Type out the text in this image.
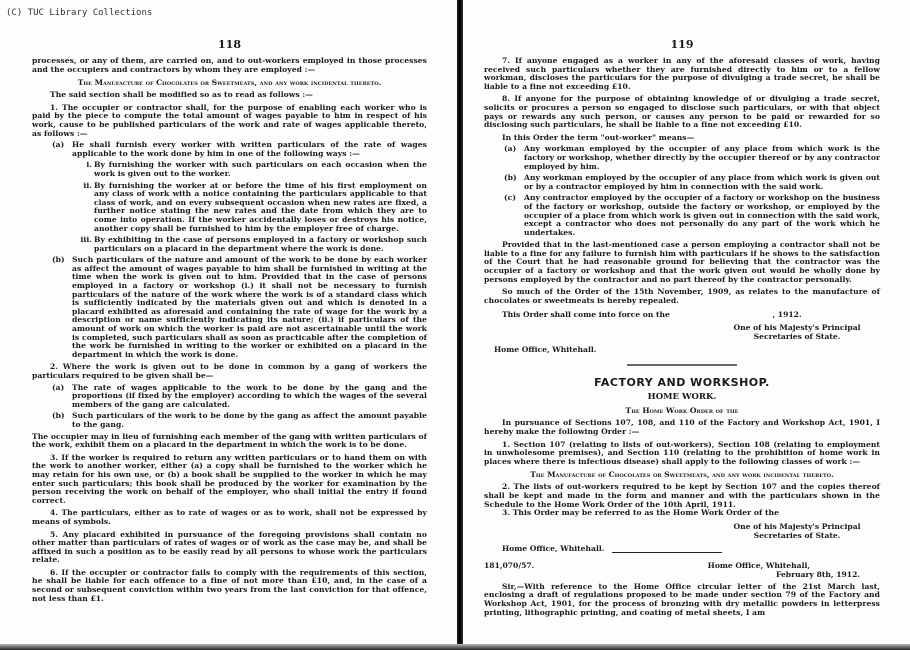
(C) TUC Library Collections
118

processes, or any of them, are carried on, and to out-workers employed in those processes and the occupiers and contractors by whom they are employed :—

The Manufacture of Chocolates or Sweetmeats, and any work incidental thereto.

The said section shall be modified so as to read as follows :—

1. The occupier or contractor shall, for the purpose of enabling each worker who is paid by the piece to compute the total amount of wages payable to him in respect of his work, cause to be published particulars of the work and rate of wages applicable thereto, as follows :—

(a) He shall furnish every worker with written particulars of the rate of wages applicable to the work done by him in one of the following ways :—
i. By furnishing the worker with such particulars on each occasion when the work is given out to the worker.
ii. By furnishing the worker at or before the time of his first employment on any class of work with a notice containing the particulars applicable to that class of work, and on every subsequent occasion when new rates are fixed, a further notice stating the new rates and the date from which they are to come into operation. If the worker accidentally loses or destroys his notice, another copy shall be furnished to him by the employer free of charge.
iii. By exhibiting in the case of persons employed in a factory or workshop such particulars on a placard in the department where the work is done.
(b) Such particulars of the nature and amount of the work to be done by each worker as affect the amount of wages payable to him shall be furnished in writing at the time when the work is given out to him. Provided that in the case of persons employed in a factory or workshop (i.) it shall not be necessary to furnish particulars of the nature of the work where the work is of a standard class which is sufficiently indicated by the materials given out and which is denoted in a placard exhibited as aforesaid and containing the rate of wage for the work by a description or name sufficiently indicating its nature; (ii.) if particulars of the amount of work on which the worker is paid are not ascertainable until the work is completed, such particulars shall as soon as practicable after the completion of the work be furnished in writing to the worker or exhibited on a placard in the department in which the work is done.

2. Where the work is given out to be done in common by a gang of workers the particulars required to be given shall be—

(a) The rate of wages applicable to the work to be done by the gang and the proportions (if fixed by the employer) according to which the wages of the several members of the gang are calculated.
(b) Such particulars of the work to be done by the gang as affect the amount payable to the gang.

The occupier may in lieu of furnishing each member of the gang with written particulars of the work, exhibit them on a placard in the department in which the work is to be done.

3. If the worker is required to return any written particulars or to hand them on with the work to another worker, either (a) a copy shall be furnished to the worker which he may retain for his own use, or (b) a book shall be supplied to the worker in which he may enter such particulars; this book shall be produced by the worker for examination by the person receiving the work on behalf of the employer, who shall initial the entry if found correct.

4. The particulars, either as to rate of wages or as to work, shall not be expressed by means of symbols.

5. Any placard exhibited in pursuance of the foregoing provisions shall contain no other matter than particulars of rates of wages or of work as the case may be, and shall be affixed in such a position as to be easily read by all persons to whose work the particulars relate.

6. If the occupier or contractor fails to comply with the requirements of this section, he shall be liable for each offence to a fine of not more than £10, and, in the case of a second or subsequent conviction within two years from the last conviction for that offence, not less than £1.

119

7. If anyone engaged as a worker in any of the aforesaid classes of work, having received such particulars whether they are furnished directly to him or to a fellow workman, discloses the particulars for the purpose of divulging a trade secret, he shall be liable to a fine not exceeding £10.

8. If anyone for the purpose of obtaining knowledge of or divulging a trade secret, solicits or procures a person so engaged to disclose such particulars, or with that object pays or rewards any such person, or causes any person to be paid or rewarded for so disclosing such particulars, he shall be liable to a fine not exceeding £10.

In this Order the term "out-worker" means—

(a) Any workman employed by the occupier of any place from which work is the factory or workshop, whether directly by the occupier thereof or by any contractor employed by him.
(b) Any workman employed by the occupier of any place from which work is given out or by a contractor employed by him in connection with the said work.
(c) Any contractor employed by the occupier of a factory or workshop on the business of the factory or workshop, outside the factory or workshop, or employed by the occupier of a place from which work is given out in connection with the said work, except a contractor who does not personally do any part of the work which he undertakes.

Provided that in the last-mentioned case a person employing a contractor shall not be liable to a fine for any failure to furnish him with particulars if he shows to the satisfaction of the Court that he had reasonable ground for believing that the contractor was the occupier of a factory or workshop and that the work given out would be wholly done by persons employed by the contractor and no part thereof by the contractor personally.

So much of the Order of the 15th November, 1909, as relates to the manufacture of chocolates or sweetmeats is hereby repealed.

This Order shall come into force on the	, 1912.
One of his Majesty's Principal
Secretaries of State.
Home Office, Whitehall.
FACTORY AND WORKSHOP.
HOME WORK.
The Home Work Order of the

In pursuance of Sections 107, 108, and 110 of the Factory and Workshop Act, 1901, I hereby make the following Order :—

1. Section 107 (relating to lists of out-workers), Section 108 (relating to employment in unwholesome premises), and Section 110 (relating to the prohibition of home work in places where there is infectious disease) shall apply to the following classes of work :—

The Manufacture of Chocolates or Sweetmeats, and any work incidental thereto.

2. The lists of out-workers required to be kept by Section 107 and the copies thereof shall be kept and made in the form and manner and with the particulars shown in the Schedule to the Home Work Order of the 10th April, 1911.

3. This Order may be referred to as the Home Work Order of the

One of his Majesty's Principal
Secretaries of State.
Home Office, Whitehall.
181,070/57.	Home Office, Whitehall,
February 8th, 1912.

Sir,—With reference to the Home Office circular letter of the 21st March last, enclosing a draft of regulations proposed to be made under section 79 of the Factory and Workshop Act, 1901, for the process of bronzing with dry metallic powders in letterpress printing, lithographic printing, and coating of metal sheets, I am
